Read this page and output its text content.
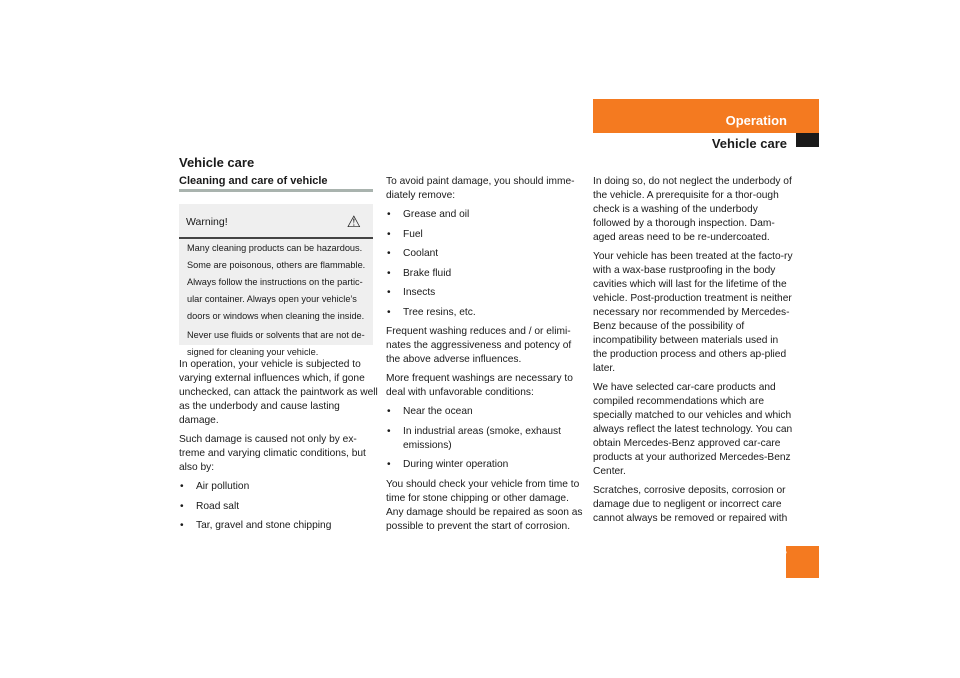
Operation
Vehicle care
Vehicle care
Cleaning and care of vehicle
Warning!	⚠

Many cleaning products can be hazardous. Some are poisonous, others are flammable. Always follow the instructions on the partic-ular container. Always open your vehicle’s doors or windows when cleaning the inside.

Never use fluids or solvents that are not de-signed for cleaning your vehicle.

In operation, your vehicle is subjected to varying external influences which, if gone unchecked, can attack the paintwork as well as the underbody and cause lasting damage.

Such damage is caused not only by ex-treme and varying climatic conditions, but also by:

• Air pollution
• Road salt
• Tar, gravel and stone chipping

To avoid paint damage, you should imme-diately remove:

• Grease and oil
• Fuel
• Coolant
• Brake fluid
• Insects
• Tree resins, etc.

Frequent washing reduces and / or elimi-nates the aggressiveness and potency of the above adverse influences.

More frequent washings are necessary to deal with unfavorable conditions:

• Near the ocean
• In industrial areas (smoke, exhaust emissions)
• During winter operation

You should check your vehicle from time to time for stone chipping or other damage. Any damage should be repaired as soon as possible to prevent the start of corrosion.

In doing so, do not neglect the underbody of the vehicle. A prerequisite for a thor-ough check is a washing of the underbody followed by a thorough inspection. Dam-aged areas need to be re-undercoated.

Your vehicle has been treated at the facto-ry with a wax-base rustproofing in the body cavities which will last for the lifetime of the vehicle. Post-production treatment is neither necessary nor recommended by Mercedes-Benz because of the possibility of incompatibility between materials used in the production process and others ap-plied later.

We have selected car-care products and compiled recommendations which are specially matched to our vehicles and which always reflect the latest technology. You can obtain Mercedes-Benz approved car-care products at your authorized Mercedes-Benz Center.

Scratches, corrosive deposits, corrosion or damage due to negligent or incorrect care cannot always be removed or repaired with

187
